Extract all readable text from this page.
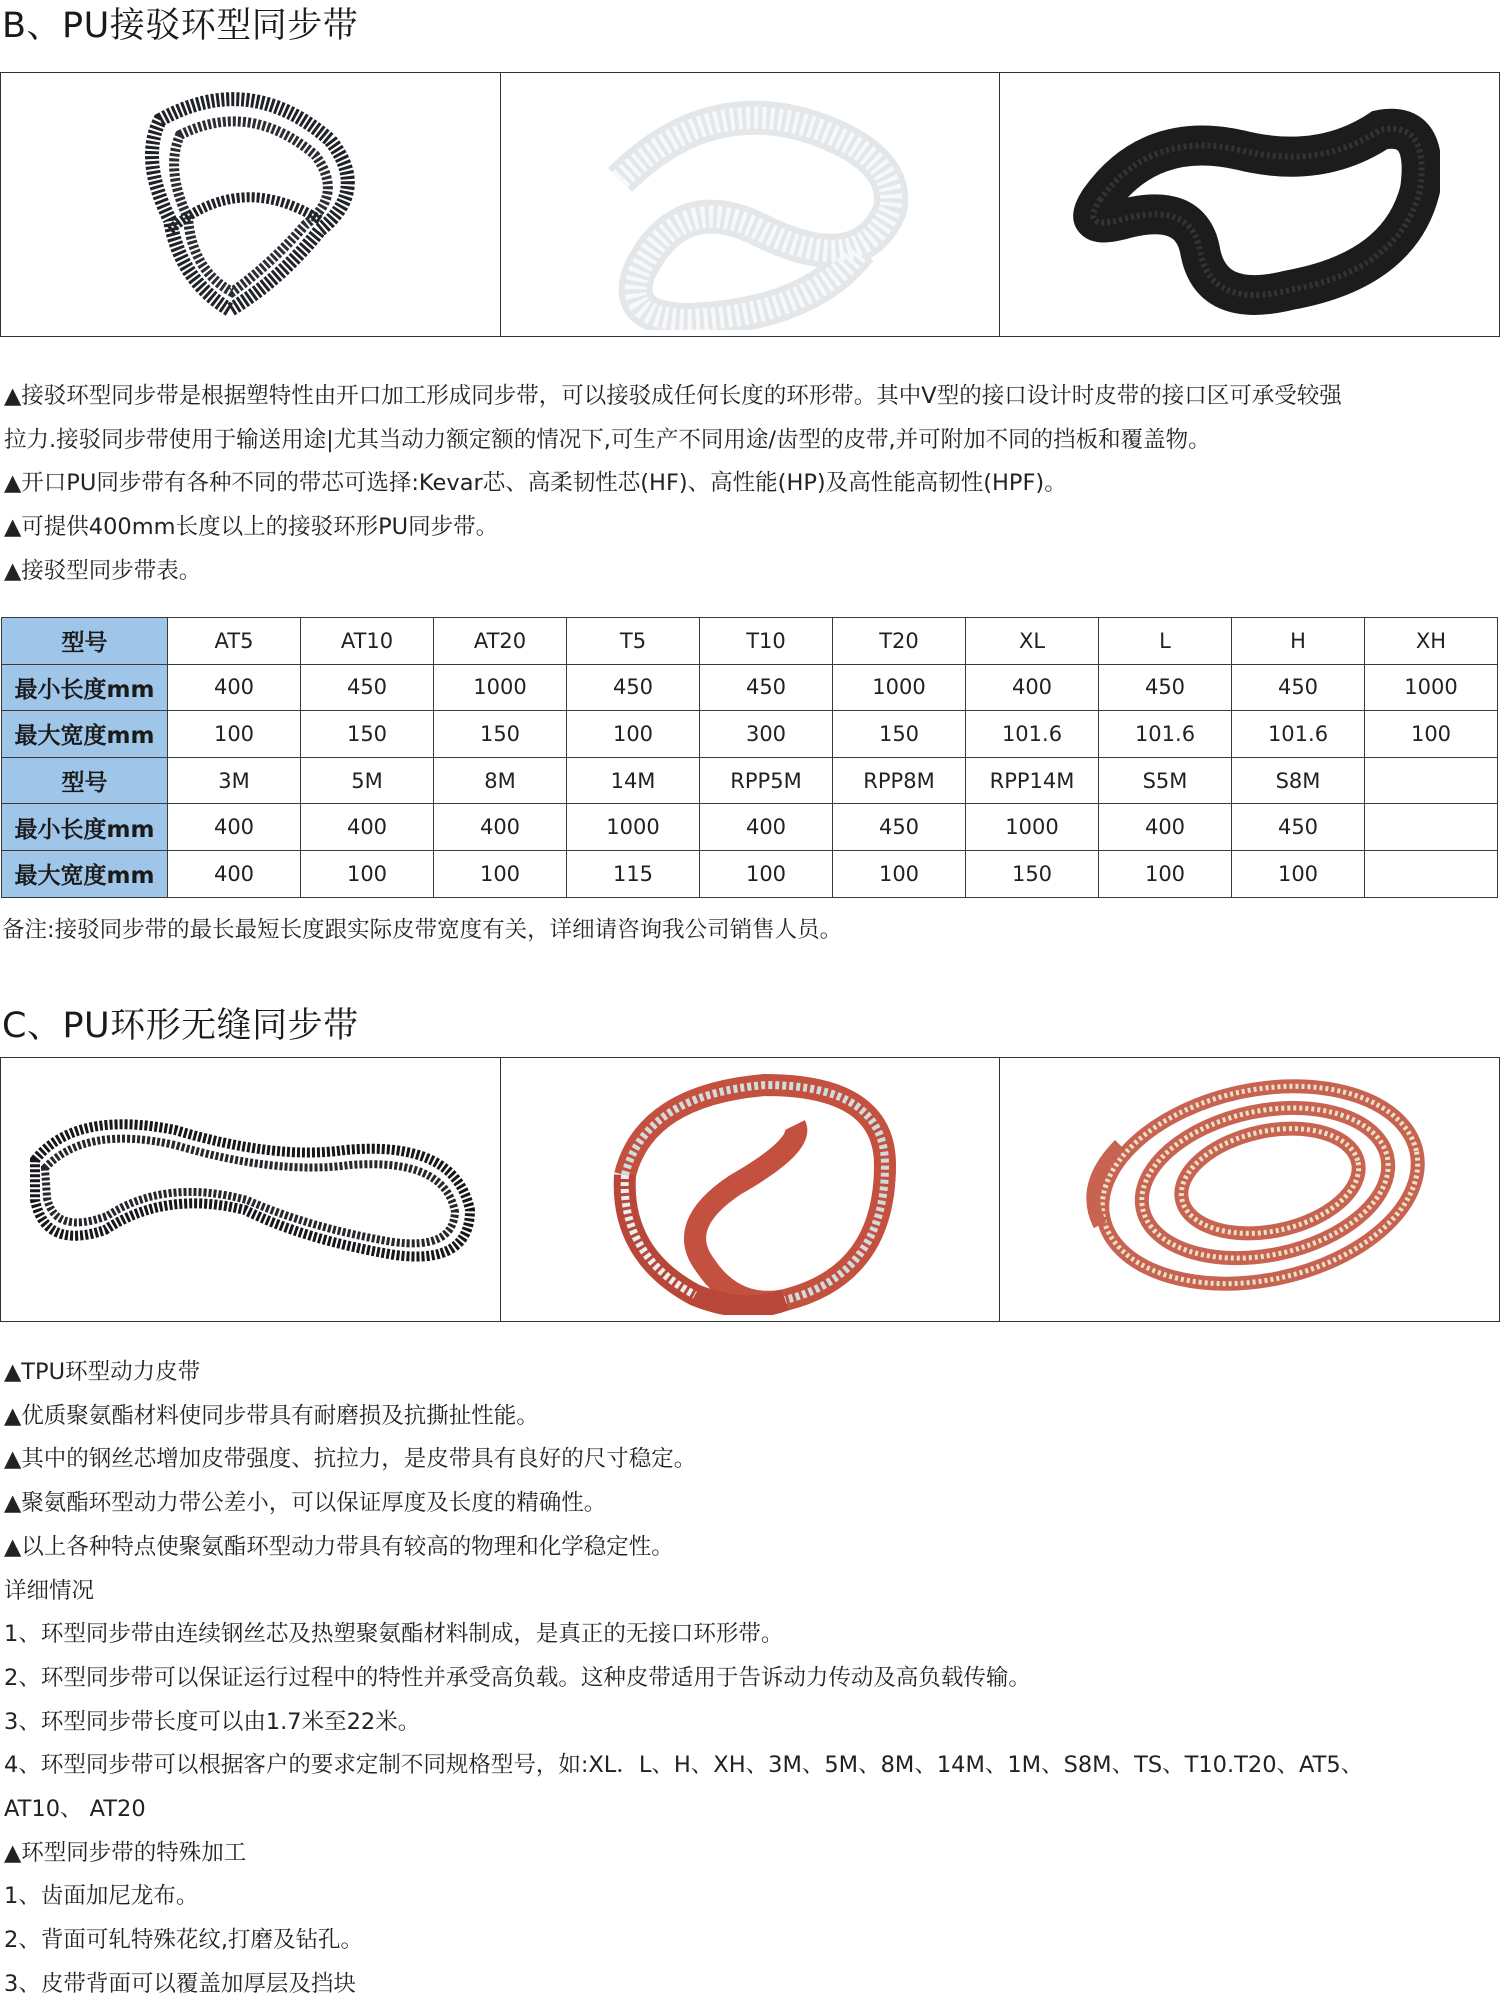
B、PU接驳环型同步带

▲接驳环型同步带是根据塑特性由开口加工形成同步带，可以接驳成任何长度的环形带。其中V型的接口设计时皮带的接口区可承受较强

拉力.接驳同步带使用于输送用途|尤其当动力额定额的情况下,可生产不同用途/齿型的皮带,并可附加不同的挡板和覆盖物。

▲开口PU同步带有各种不同的带芯可选择:Kevar芯、高柔韧性芯(HF)、高性能(HP)及高性能高韧性(HPF)。

▲可提供400mm长度以上的接驳环形PU同步带。

▲接驳型同步带表。

型号	AT5	AT10	AT20	T5	T10	T20	XL	L	H	XH
最小长度mm	400	450	1000	450	450	1000	400	450	450	1000
最大宽度mm	100	150	150	100	300	150	101.6	101.6	101.6	100
型号	3M	5M	8M	14M	RPP5M	RPP8M	RPP14M	S5M	S8M	
最小长度mm	400	400	400	1000	400	450	1000	400	450	
最大宽度mm	400	100	100	115	100	100	150	100	100	
备注:接驳同步带的最长最短长度跟实际皮带宽度有关，详细请咨询我公司销售人员。
C、PU环形无缝同步带

▲TPU环型动力皮带

▲优质聚氨酯材料使同步带具有耐磨损及抗撕扯性能。

▲其中的钢丝芯增加皮带强度、抗拉力，是皮带具有良好的尺寸稳定。

▲聚氨酯环型动力带公差小，可以保证厚度及长度的精确性。

▲以上各种特点使聚氨酯环型动力带具有较高的物理和化学稳定性。

详细情况

1、环型同步带由连续钢丝芯及热塑聚氨酯材料制成，是真正的无接口环形带。

2、环型同步带可以保证运行过程中的特性并承受高负载。这种皮带适用于告诉动力传动及高负载传输。

3、环型同步带长度可以由1.7米至22米。

4、环型同步带可以根据客户的要求定制不同规格型号，如:XL．L、H、XH、3M、5M、8M、14M、1M、S8M、TS、T10.T20、AT5、

AT10、 AT20

▲环型同步带的特殊加工

1、齿面加尼龙布。

2、背面可轧特殊花纹,打磨及钻孔。

3、皮带背面可以覆盖加厚层及挡块
